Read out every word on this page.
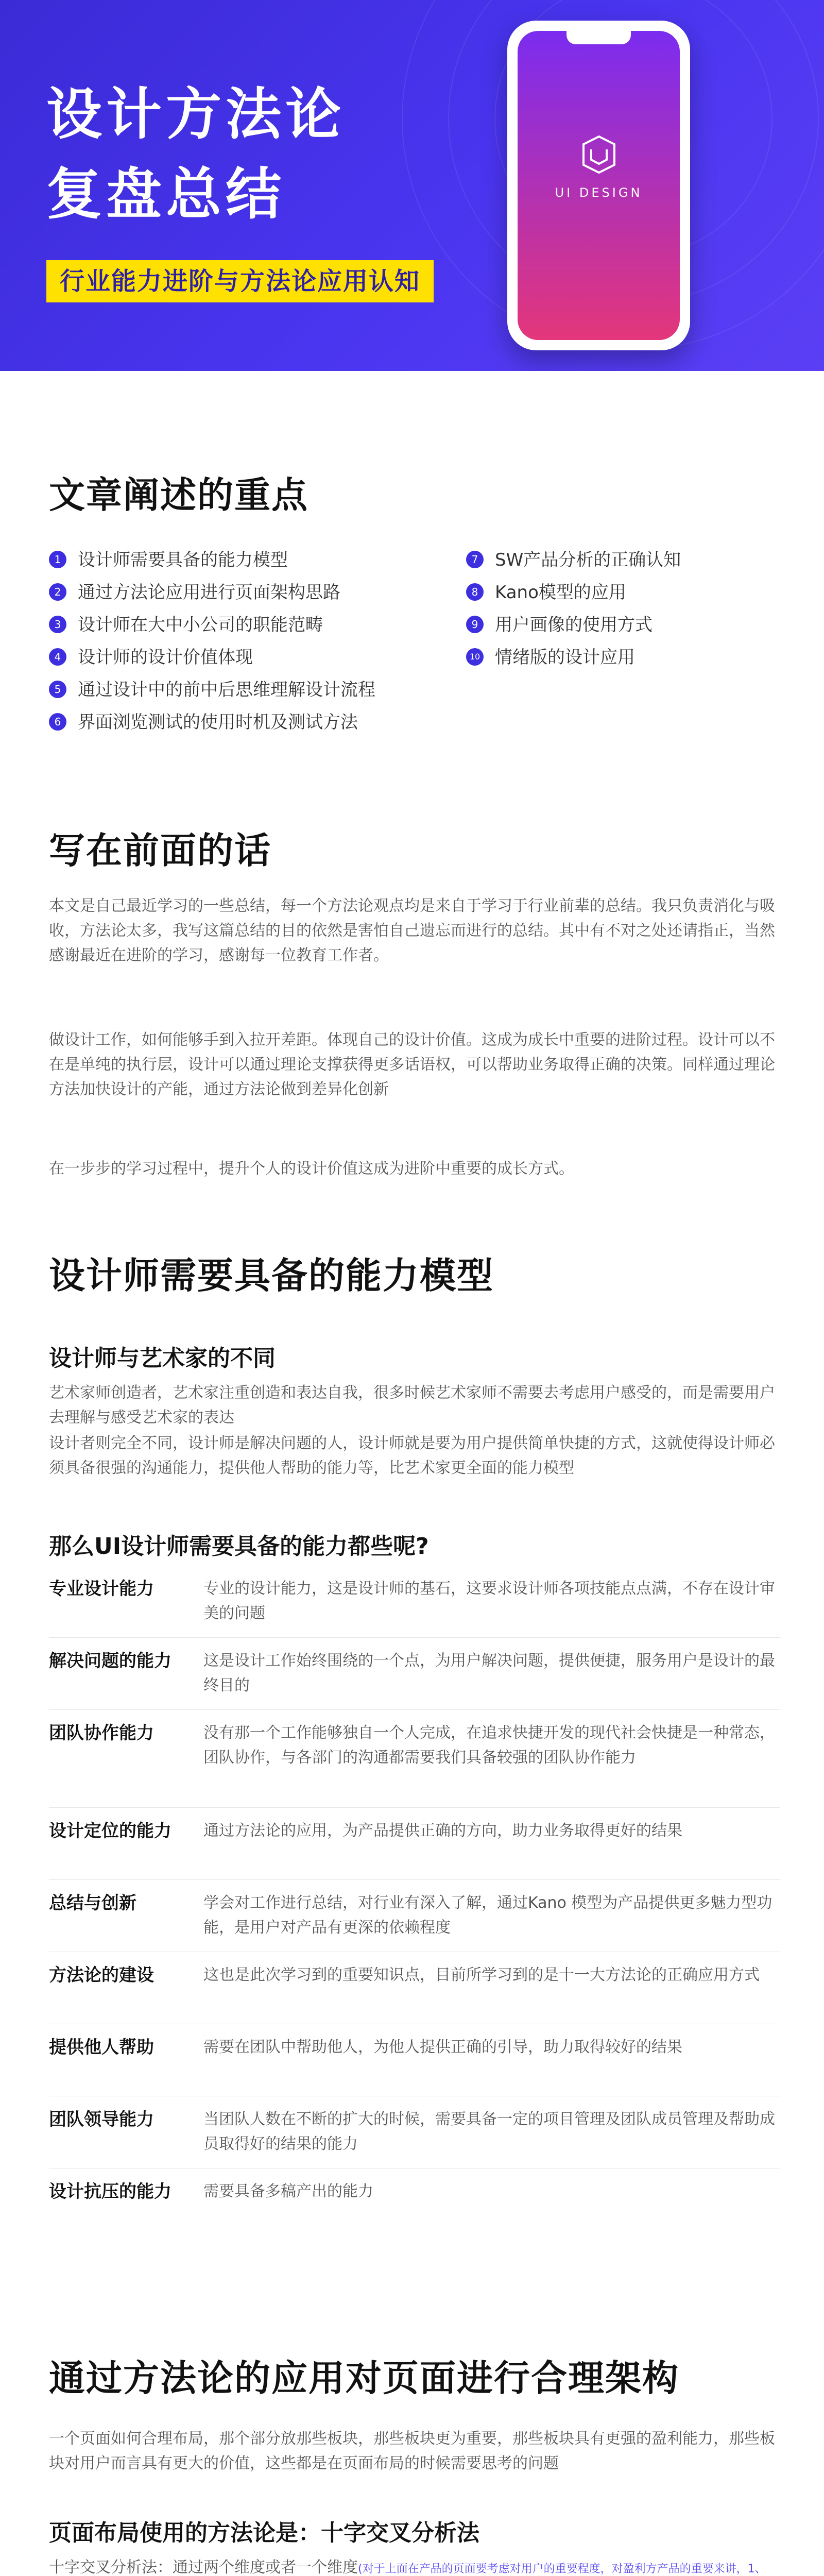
设计方法论
复盘总结
行业能力进阶与方法论应用认知
UI DESIGN
文章阐述的重点
1 设计师需要具备的能力模型
2 通过方法论应用进行页面架构思路
3 设计师在大中小公司的职能范畴
4 设计师的设计价值体现
5 通过设计中的前中后思维理解设计流程
6 界面浏览测试的使用时机及测试方法
7 SW产品分析的正确认知
8 Kano模型的应用
9 用户画像的使用方式
10 情绪版的设计应用
写在前面的话
本文是自己最近学习的一些总结，每一个方法论观点均是来自于学习于行业前辈的总结。我只负责消化与吸收，方法论太多，我写这篇总结的目的依然是害怕自己遗忘而进行的总结。其中有不对之处还请指正，当然感谢最近在进阶的学习，感谢每一位教育工作者。
做设计工作，如何能够手到入拉开差距。体现自己的设计价值。这成为成长中重要的进阶过程。设计可以不在是单纯的执行层，设计可以通过理论支撑获得更多话语权，可以帮助业务取得正确的决策。同样通过理论方法加快设计的产能，通过方法论做到差异化创新
在一步步的学习过程中，提升个人的设计价值这成为进阶中重要的成长方式。
设计师需要具备的能力模型
设计师与艺术家的不同
艺术家师创造者，艺术家注重创造和表达自我，很多时候艺术家师不需要去考虑用户感受的，而是需要用户去理解与感受艺术家的表达
设计者则完全不同，设计师是解决问题的人，设计师就是要为用户提供简单快捷的方式，这就使得设计师必须具备很强的沟通能力，提供他人帮助的能力等，比艺术家更全面的能力模型
那么UI设计师需要具备的能力都些呢?
专业设计能力	专业的设计能力，这是设计师的基石，这要求设计师各项技能点点满，不存在设计审美的问题
解决问题的能力	这是设计工作始终围绕的一个点，为用户解决问题，提供便捷，服务用户是设计的最终目的
团队协作能力	没有那一个工作能够独自一个人完成，在追求快捷开发的现代社会快捷是一种常态，团队协作，与各部门的沟通都需要我们具备较强的团队协作能力
设计定位的能力	通过方法论的应用，为产品提供正确的方向，助力业务取得更好的结果
总结与创新	学会对工作进行总结，对行业有深入了解，通过Kano 模型为产品提供更多魅力型功能，是用户对产品有更深的依赖程度
方法论的建设	这也是此次学习到的重要知识点，目前所学习到的是十一大方法论的正确应用方式
提供他人帮助	需要在团队中帮助他人，为他人提供正确的引导，助力取得较好的结果
团队领导能力	当团队人数在不断的扩大的时候，需要具备一定的项目管理及团队成员管理及帮助成员取得好的结果的能力
设计抗压的能力	需要具备多稿产出的能力
通过方法论的应用对页面进行合理架构
一个页面如何合理布局，那个部分放那些板块，那些板块更为重要，那些板块具有更强的盈利能力，那些板块对用户而言具有更大的价值，这些都是在页面布局的时候需要思考的问题
页面布局使用的方法论是：十字交叉分析法
十字交叉分析法：通过两个维度或者一个维度(对于上面在产品的页面要考虑对用户的重要程度，对盈利方产品的重要来讲，1、
